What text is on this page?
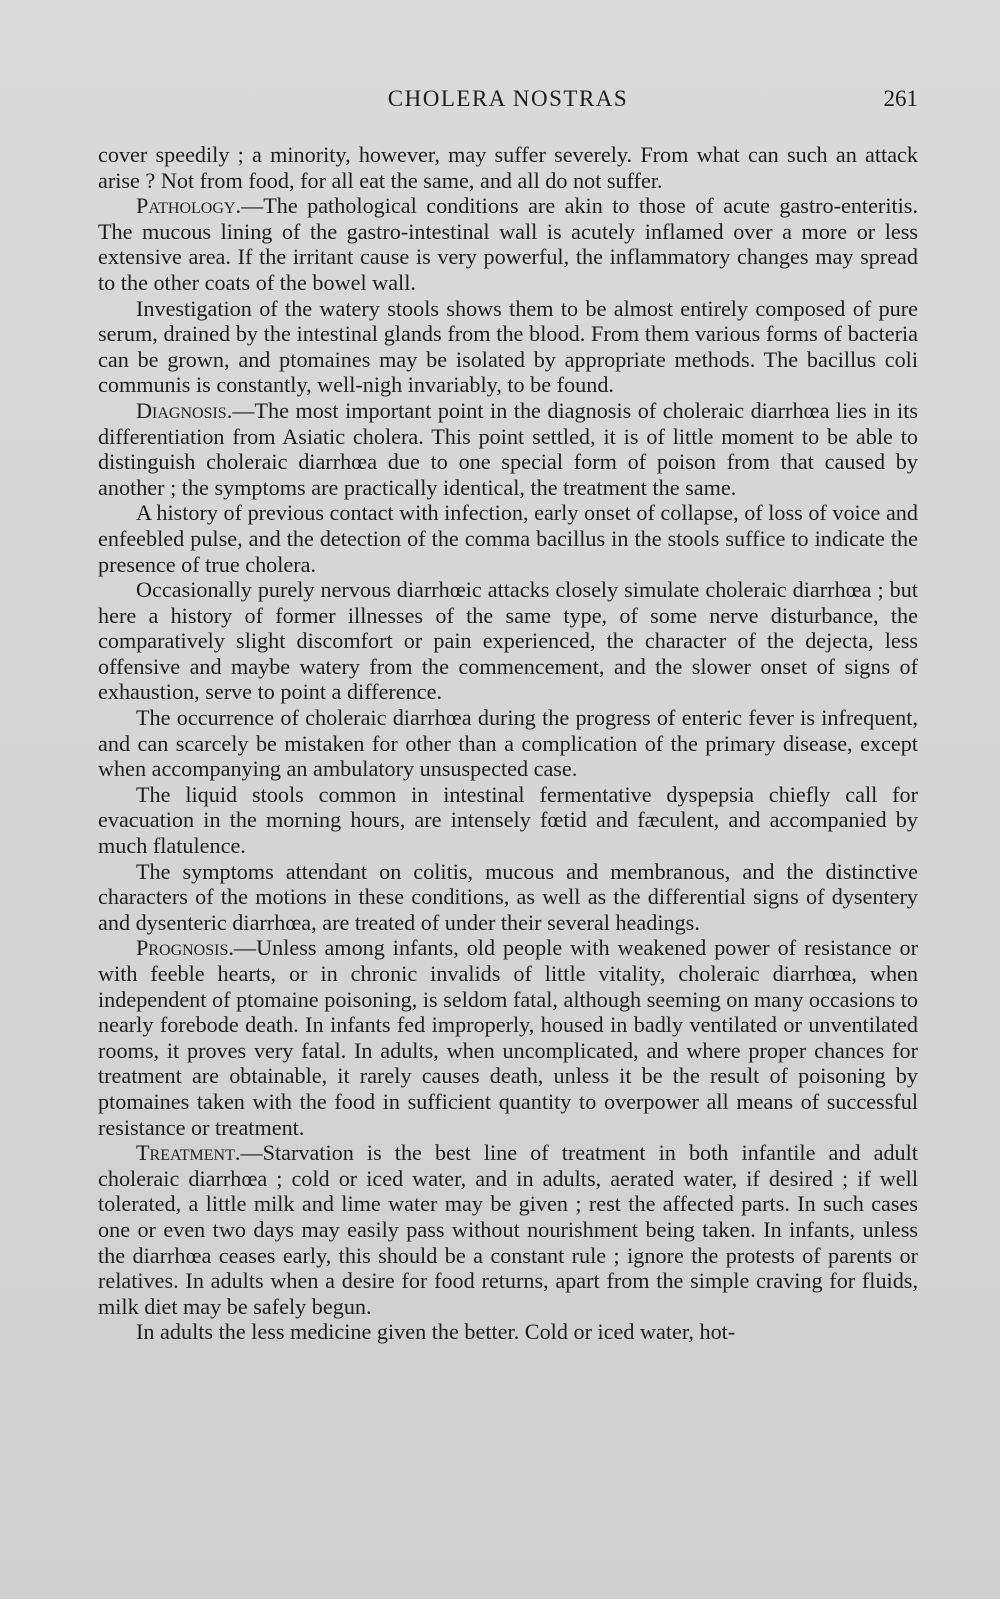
CHOLERA NOSTRAS	261

cover speedily ; a minority, however, may suffer severely. From what can such an attack arise ? Not from food, for all eat the same, and all do not suffer.

Pathology.—The pathological conditions are akin to those of acute gastro-enteritis. The mucous lining of the gastro-intestinal wall is acutely inflamed over a more or less extensive area. If the irritant cause is very powerful, the inflammatory changes may spread to the other coats of the bowel wall.

Investigation of the watery stools shows them to be almost entirely composed of pure serum, drained by the intestinal glands from the blood. From them various forms of bacteria can be grown, and ptomaines may be isolated by appropriate methods. The bacillus coli communis is constantly, well-nigh invariably, to be found.

Diagnosis.—The most important point in the diagnosis of choleraic diarrhœa lies in its differentiation from Asiatic cholera. This point settled, it is of little moment to be able to distinguish choleraic diarrhœa due to one special form of poison from that caused by another ; the symptoms are practically identical, the treatment the same.

A history of previous contact with infection, early onset of collapse, of loss of voice and enfeebled pulse, and the detection of the comma bacillus in the stools suffice to indicate the presence of true cholera.

Occasionally purely nervous diarrhœic attacks closely simulate choleraic diarrhœa ; but here a history of former illnesses of the same type, of some nerve disturbance, the comparatively slight discomfort or pain experienced, the character of the dejecta, less offensive and maybe watery from the commencement, and the slower onset of signs of exhaustion, serve to point a difference.

The occurrence of choleraic diarrhœa during the progress of enteric fever is infrequent, and can scarcely be mistaken for other than a complication of the primary disease, except when accompanying an ambulatory unsuspected case.

The liquid stools common in intestinal fermentative dyspepsia chiefly call for evacuation in the morning hours, are intensely fœtid and fæculent, and accompanied by much flatulence.

The symptoms attendant on colitis, mucous and membranous, and the distinctive characters of the motions in these conditions, as well as the differential signs of dysentery and dysenteric diarrhœa, are treated of under their several headings.

Prognosis.—Unless among infants, old people with weakened power of resistance or with feeble hearts, or in chronic invalids of little vitality, choleraic diarrhœa, when independent of ptomaine poisoning, is seldom fatal, although seeming on many occasions to nearly forebode death. In infants fed improperly, housed in badly ventilated or unventilated rooms, it proves very fatal. In adults, when uncomplicated, and where proper chances for treatment are obtainable, it rarely causes death, unless it be the result of poisoning by ptomaines taken with the food in sufficient quantity to overpower all means of successful resistance or treatment.

Treatment.—Starvation is the best line of treatment in both infantile and adult choleraic diarrhœa ; cold or iced water, and in adults, aerated water, if desired ; if well tolerated, a little milk and lime water may be given ; rest the affected parts. In such cases one or even two days may easily pass without nourishment being taken. In infants, unless the diarrhœa ceases early, this should be a constant rule ; ignore the protests of parents or relatives. In adults when a desire for food returns, apart from the simple craving for fluids, milk diet may be safely begun.

In adults the less medicine given the better. Cold or iced water, hot-
